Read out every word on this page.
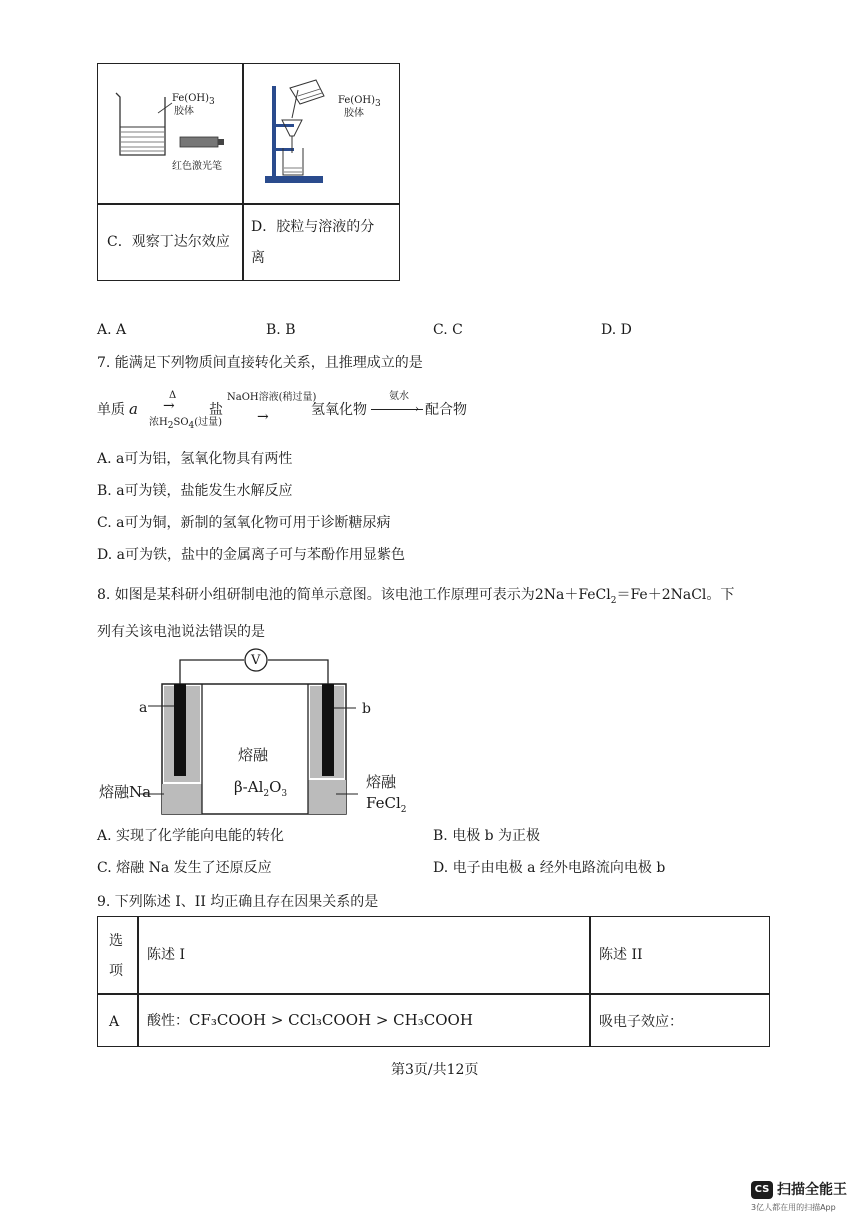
$Fe(OH)_3$
胶体
红色激光笔
$Fe(OH)_3$
胶体
C．观察丁达尔效应
D．胶粒与溶液的分
离
A. A	B. B	C. C	D. D
7. 能满足下列物质间直接转化关系，且推理成立的是
单质 a
Δ
→
浓$H_2SO_4$(过量)
盐
NaOH溶液(稍过量)
→	氢氧化物
氨水
› 配合物
A. a可为铝，氢氧化物具有两性
B. a可为镁，盐能发生水解反应
C. a可为铜，新制的氢氧化物可用于诊断糖尿病
D. a可为铁，盐中的金属离子可与苯酚作用显紫色
8. 如图是某科研小组研制电池的简单示意图。该电池工作原理可表示为2Na＋FeCl$_2$＝Fe＋2NaCl。下
列有关该电池说法错误的是
V
a	b
熔融
$\beta-Al_2O_3$
熔融Na
熔融
FeCl$_2$
A. 实现了化学能向电能的转化	B. 电极 b 为正极
C. 熔融 Na 发生了还原反应	D. 电子由电极 a 经外电路流向电极 b
9. 下列陈述 I、II 均正确且存在因果关系的是
选
项
陈述 I	陈述 II
A 酸性：CF₃COOH > CCl₃COOH > CH₃COOH	吸电子效应：
第3页/共12页
CS 扫描全能王
3亿人都在用的扫描App
